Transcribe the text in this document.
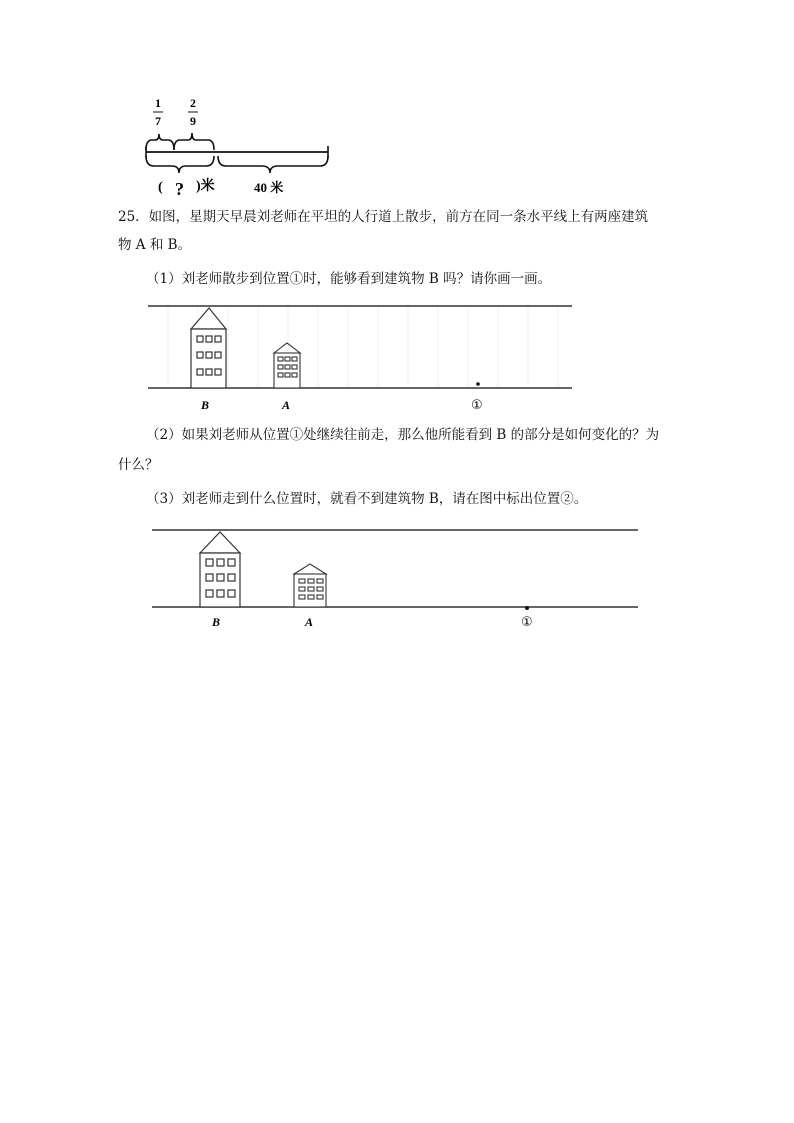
1
7
2
9
( ? )米	40 米
25．如图，星期天早晨刘老师在平坦的人行道上散步，前方在同一条水平线上有两座建筑
物 A 和 B。
（1）刘老师散步到位置①时，能够看到建筑物 B 吗？请你画一画。
B	A	①
（2）如果刘老师从位置①处继续往前走，那么他所能看到 B 的部分是如何变化的？为
什么？
（3）刘老师走到什么位置时，就看不到建筑物 B，请在图中标出位置②。
B	A	①
